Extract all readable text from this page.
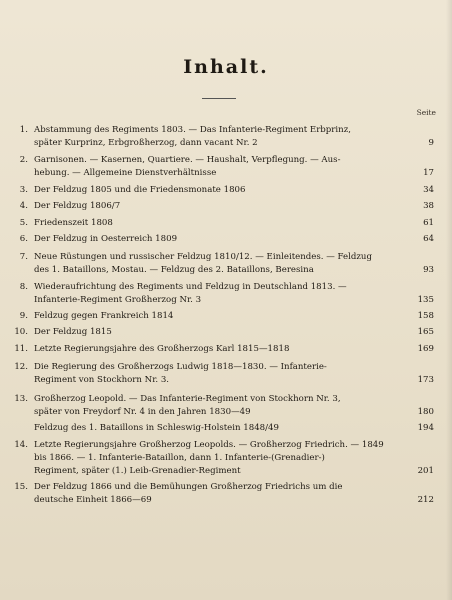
Inhalt.
Seite
1. Abstammung des Regiments 1803. — Das Infanterie-Regiment Erbprinz,
später Kurprinz, Erbgroßherzog, dann vacant Nr. 2	9
2. Garnisonen. — Kasernen, Quartiere. — Haushalt, Verpflegung. — Aus-
hebung. — Allgemeine Dienstverhältnisse	17
3. Der Feldzug 1805 und die Friedensmonate 1806	34
4. Der Feldzug 1806/7	38
5. Friedenszeit 1808	61
6. Der Feldzug in Oesterreich 1809	64
7. Neue Rüstungen und russischer Feldzug 1810/12. — Einleitendes. — Feldzug
des 1. Bataillons, Mostau. — Feldzug des 2. Bataillons, Beresina	93
8. Wiederaufrichtung des Regiments und Feldzug in Deutschland 1813. —
Infanterie-Regiment Großherzog Nr. 3	135
9. Feldzug gegen Frankreich 1814	158
10. Der Feldzug 1815	165
11. Letzte Regierungsjahre des Großherzogs Karl 1815—1818	169
12. Die Regierung des Großherzogs Ludwig 1818—1830. — Infanterie-
Regiment von Stockhorn Nr. 3.	173
13. Großherzog Leopold. — Das Infanterie-Regiment von Stockhorn Nr. 3,
später von Freydorf Nr. 4 in den Jahren 1830—49	180
Feldzug des 1. Bataillons in Schleswig-Holstein 1848/49	194
14. Letzte Regierungsjahre Großherzog Leopolds. — Großherzog Friedrich. — 1849
bis 1866. — 1. Infanterie-Bataillon, dann 1. Infanterie-(Grenadier-)
Regiment, später (1.) Leib-Grenadier-Regiment	201
15. Der Feldzug 1866 und die Bemühungen Großherzog Friedrichs um die
deutsche Einheit 1866—69	212
